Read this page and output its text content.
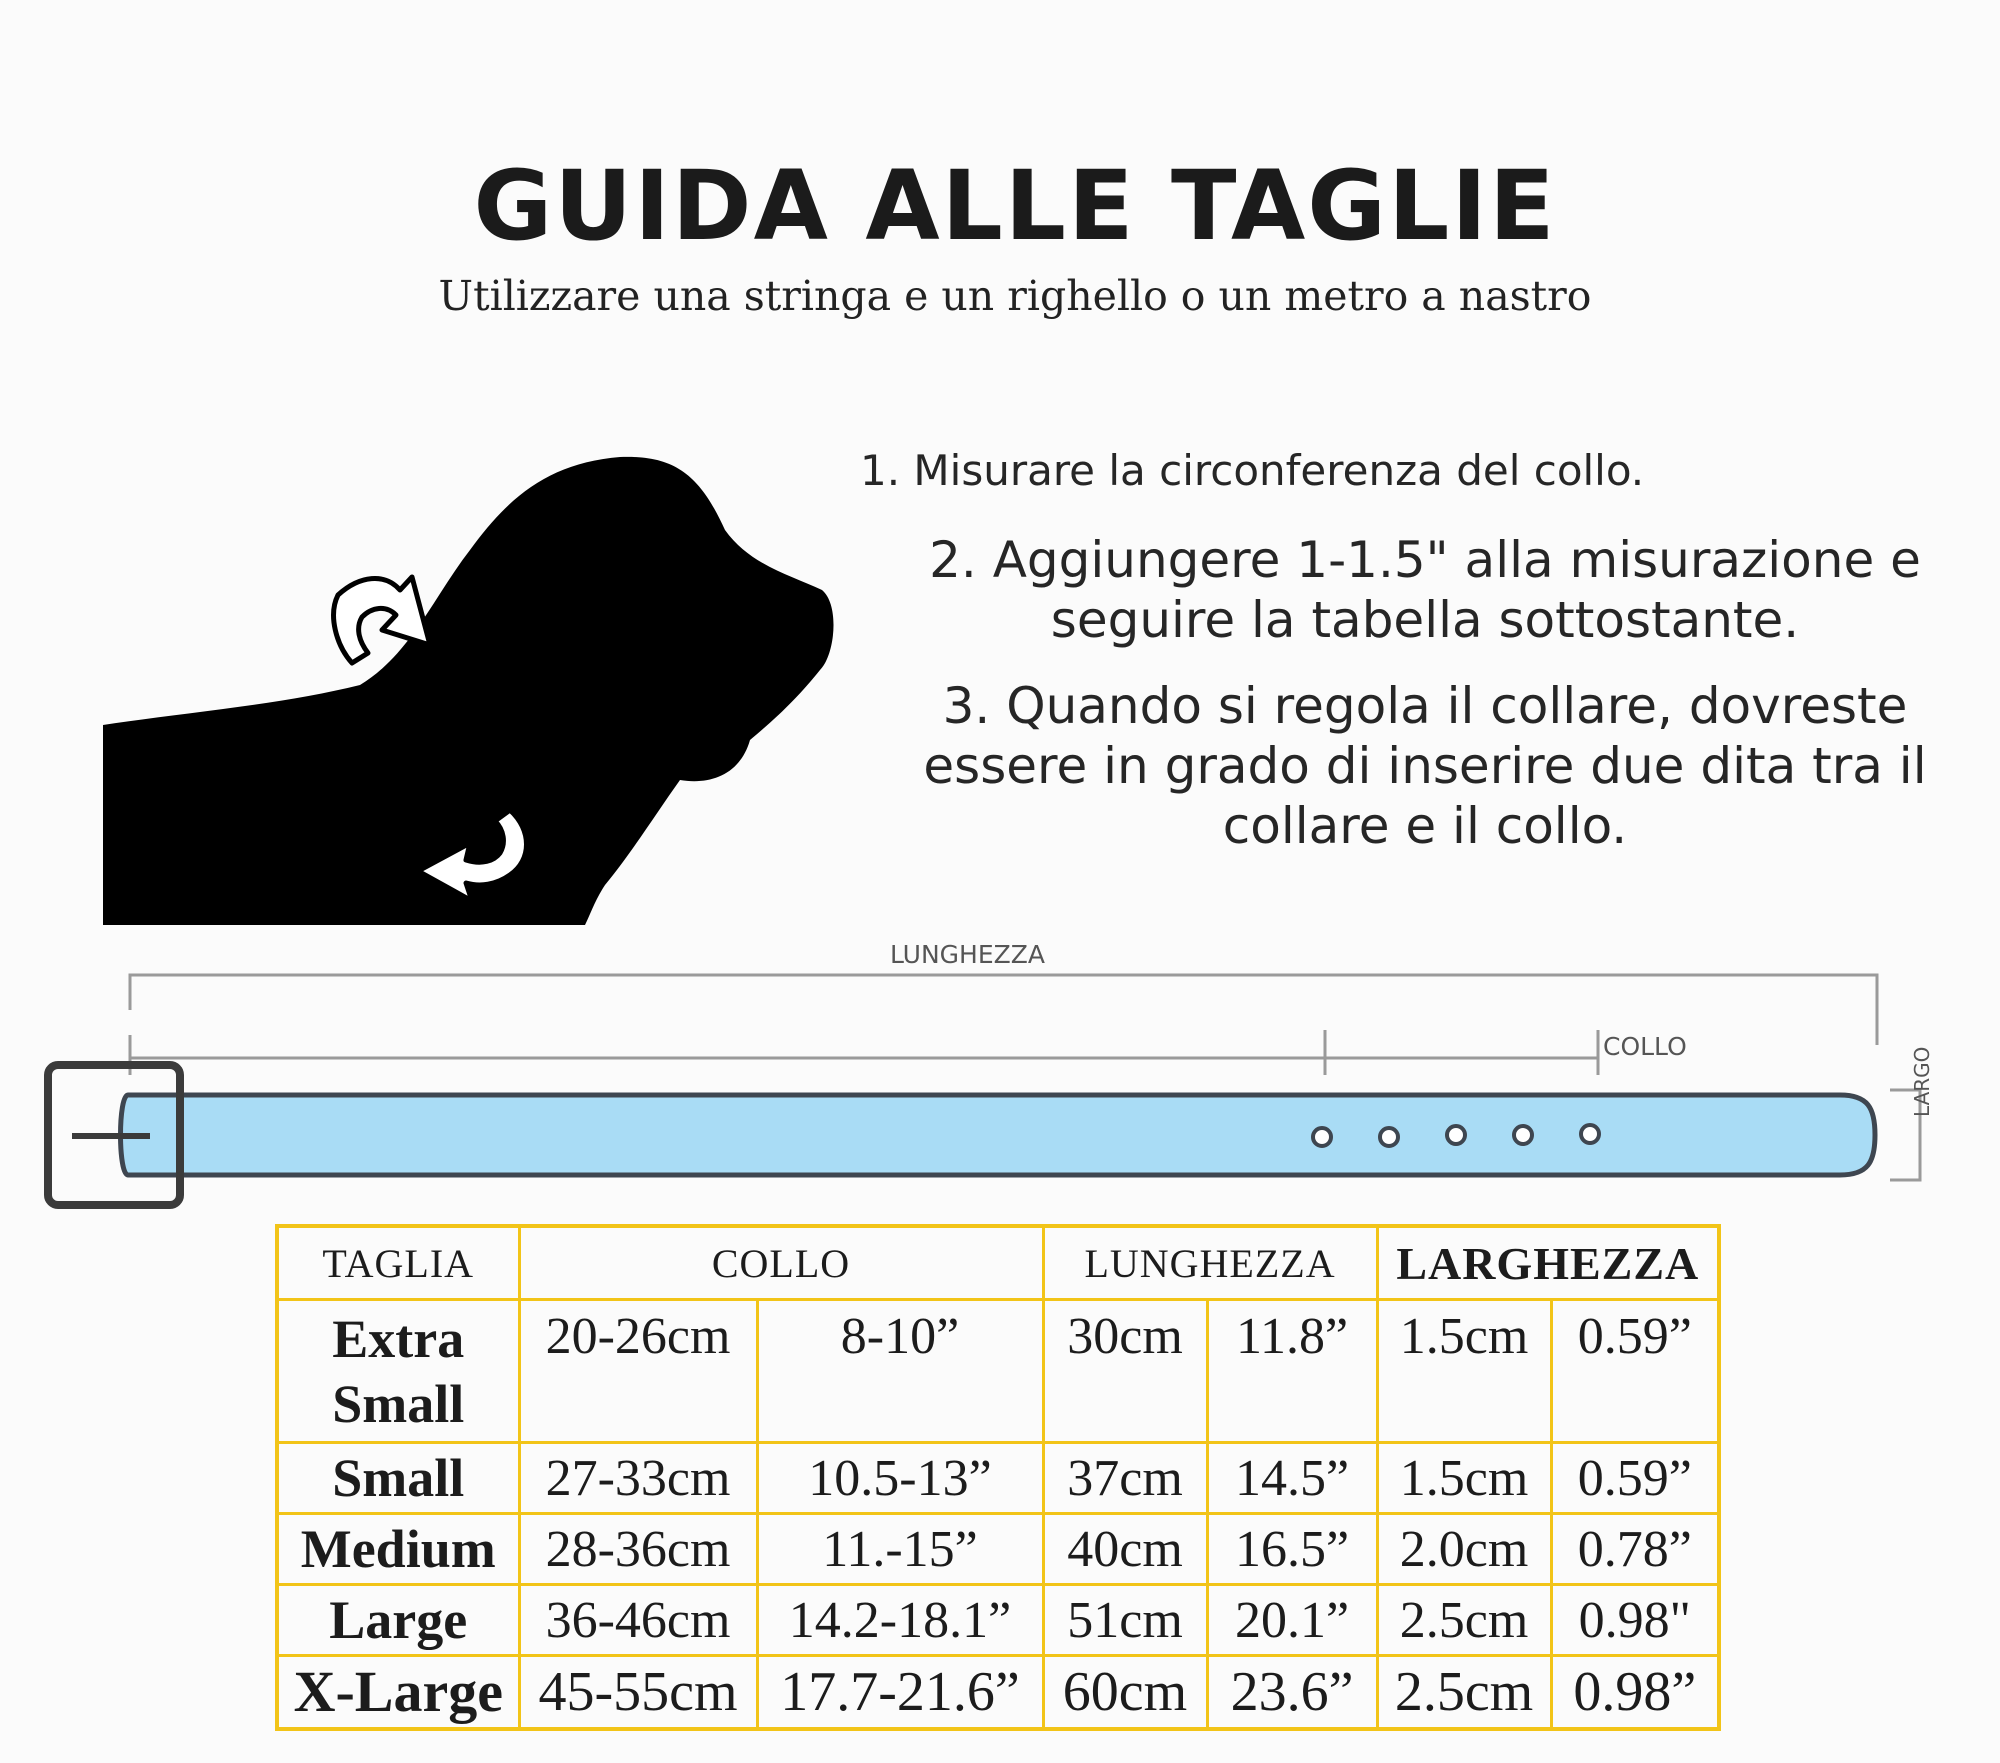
GUIDA ALLE TAGLIE
Utilizzare una stringa e un righello o un metro a nastro
1. Misurare la circonferenza del collo.
2. Aggiungere 1-1.5" alla misurazione e seguire la tabella sottostante.
3. Quando si regola il collare, dovreste essere in grado di inserire due dita tra il collare e il collo.
LUNGHEZZA
COLLO
LARGO
TAGLIA	COLLO		LUNGHEZZA		LARGHEZZA	
Extra Small	20-26cm	8-10”	30cm	11.8”	1.5cm	0.59”
Small	27-33cm	10.5-13”	37cm	14.5”	1.5cm	0.59”
Medium	28-36cm	11.-15”	40cm	16.5”	2.0cm	0.78”
Large	36-46cm	14.2-18.1”	51cm	20.1”	2.5cm	0.98"
X-Large	45-55cm	17.7-21.6”	60cm	23.6”	2.5cm	0.98”
